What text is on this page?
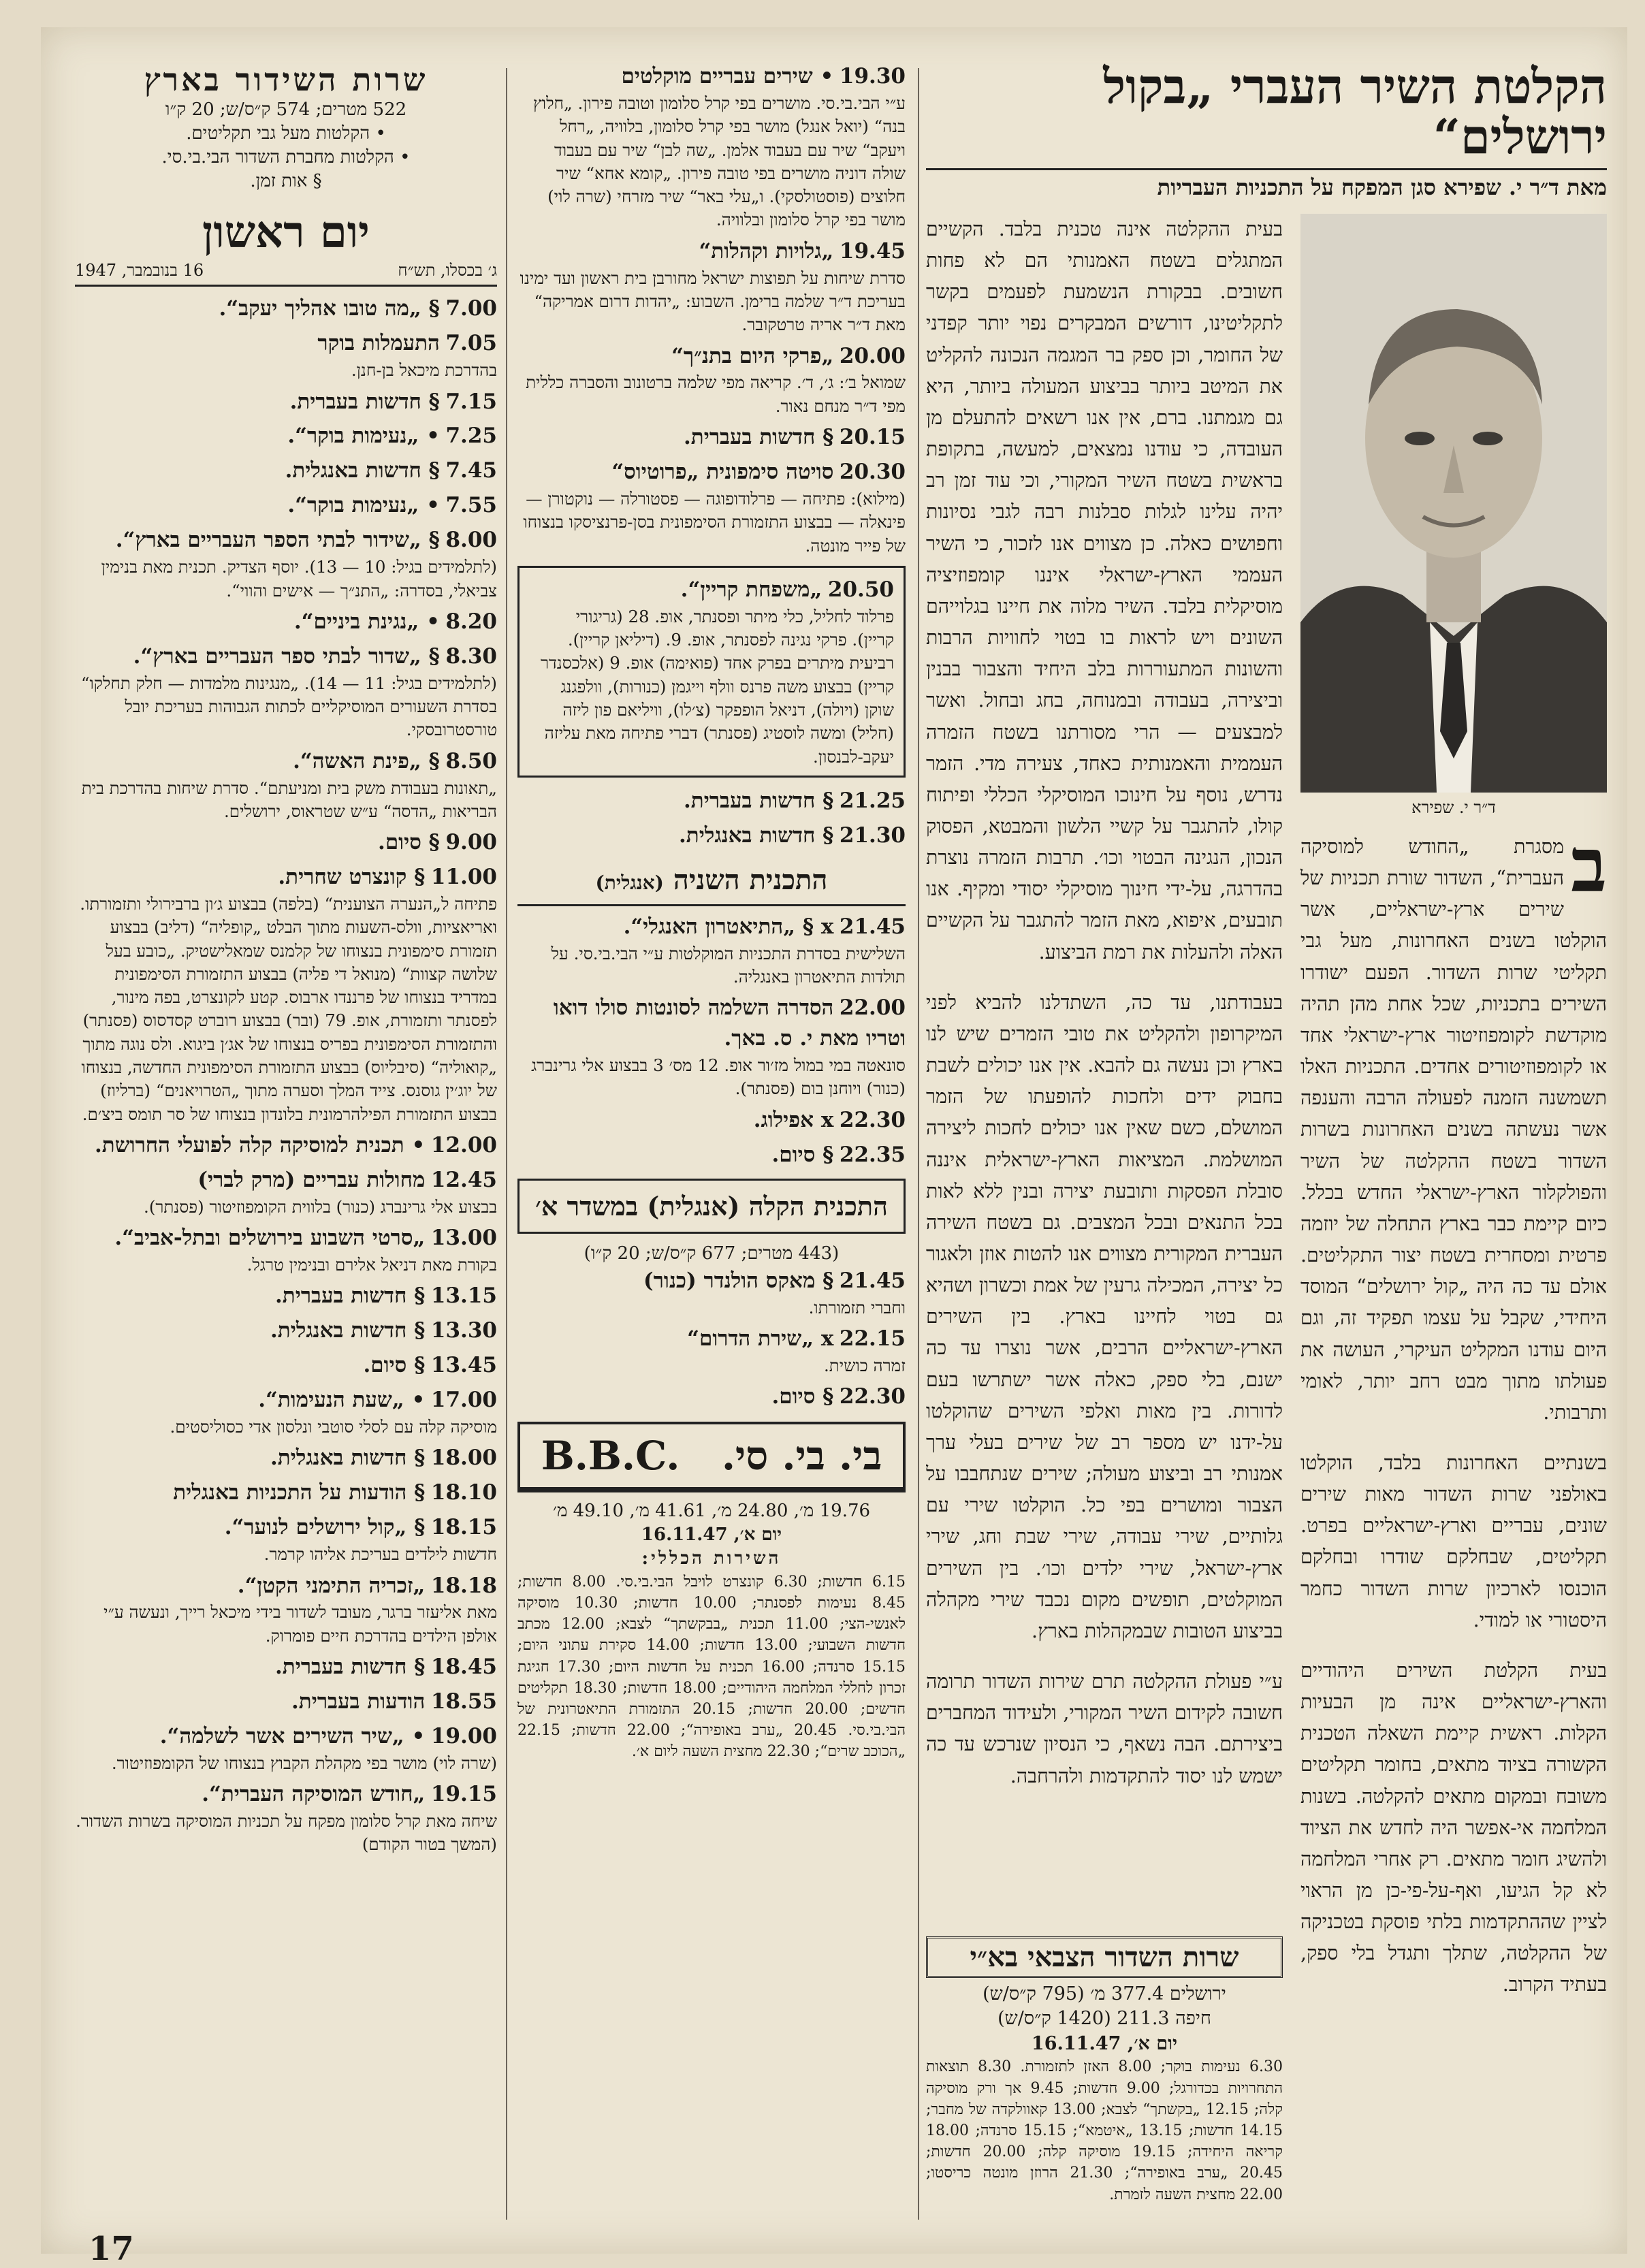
הקלטת השיר העברי „בקול ירושלים“
מאת ד״ר י. שפירא סגן המפקח על התכניות העבריות
ד״ר י. שפירא

ב
מסגרת „החודש למוסיקה העברית“, השדור שורת תכניות של שירים ארץ-ישראליים, אשר הוקלטו בשנים האחרונות, מעל גבי תקליטי שרות השדור. הפעם ישודרו השירים בתכניות, שכל אחת מהן תהיה מוקדשת לקומפוזיטור ארץ-ישראלי אחד או לקומפוזיטורים אחדים. התכניות האלו תשמשנה הזמנה לפעולה הרבה והענפה אשר נעשתה בשנים האחרונות בשרות השדור בשטח ההקלטה של השיר והפולקלור הארץ-ישראלי החדש בכלל. כיום קיימת כבר בארץ התחלה של יוזמה פרטית ומסחרית בשטח יצור התקליטים. אולם עד כה היה „קול ירושלים“ המוסד היחידי, שקבל על עצמו תפקיד זה, וגם היום עודנו המקליט העיקרי, העושה את פעולתו מתוך מבט רחב יותר, לאומי ותרבותי.

בשנתיים האחרונות בלבד, הוקלטו באולפני שרות השדור מאות שירים שונים, עבריים וארץ-ישראליים בפרט. תקליטים, שבחלקם שודרו ובחלקם הוכנסו לארכיון שרות השדור כחמר היסטורי או למודי.

בעית הקלטת השירים היהודיים והארץ-ישראליים אינה מן הבעיות הקלות. ראשית קיימת השאלה הטכנית הקשורה בציוד מתאים, בחומר תקליטים משובח ובמקום מתאים להקלטה. בשנות המלחמה אי-אפשר היה לחדש את הציוד ולהשיג חומר מתאים. רק אחרי המלחמה לא קל הגיעו, ואף-על-פי-כן מן הראוי לציין שההתקדמות בלתי פוסקת בטכניקה של ההקלטה, שתלך ותגדל בלי ספק, בעתיד הקרוב.

בעית ההקלטה אינה טכנית בלבד. הקשיים המתגלים בשטח האמנותי הם לא פחות חשובים. בבקורת הנשמעת לפעמים בקשר לתקליטינו, דורשים המבקרים נפוי יותר קפדני של החומר, וכן ספק בר המגמה הנכונה להקליט את המיטב ביותר בביצוע המעולה ביותר, היא גם מגמתנו. ברם, אין אנו רשאים להתעלם מן העובדה, כי עודנו נמצאים, למעשה, בתקופת בראשית בשטח השיר המקורי, וכי עוד זמן רב יהיה עלינו לגלות סבלנות רבה לגבי נסיונות וחפושים כאלה. כן מצווים אנו לזכור, כי השיר העממי הארץ-ישראלי איננו קומפוזיציה מוסיקלית בלבד. השיר מלוה את חיינו בגלוייהם השונים ויש לראות בו בטוי לחוויות הרבות והשונות המתעוררות בלב היחיד והצבור בבנין וביצירה, בעבודה ובמנוחה, בחג ובחול. ואשר למבצעים — הרי מסורתנו בשטח הזמרה העממית והאמנותית כאחד, צעירה מדי. הזמר נדרש, נוסף על חינוכו המוסיקלי הכללי ופיתוח קולו, להתגבר על קשיי הלשון והמבטא, הפסוק הנכון, הנגינה הבטוי וכו׳. תרבות הזמרה נוצרת בהדרגה, על-ידי חינוך מוסיקלי יסודי ומקיף. אנו תובעים, איפוא, מאת הזמר להתגבר על הקשיים האלה ולהעלות את רמת הביצוע.

בעבודתנו, עד כה, השתדלנו להביא לפני המיקרופון ולהקליט את טובי הזמרים שיש לנו בארץ וכן נעשה גם להבא. אין אנו יכולים לשבת בחבוק ידים ולחכות להופעתו של הזמר המושלם, כשם שאין אנו יכולים לחכות ליצירה המושלמת. המציאות הארץ-ישראלית איננה סובלת הפסקות ותובעת יצירה ובנין ללא לאות בכל התנאים ובכל המצבים. גם בשטח השירה העברית המקורית מצווים אנו להטות אוזן ולאגור כל יצירה, המכילה גרעין של אמת וכשרון ושהיא גם בטוי לחיינו בארץ. בין השירים הארץ-ישראליים הרבים, אשר נוצרו עד כה ישנם, בלי ספק, כאלה אשר ישתרשו בעם לדורות. בין מאות ואלפי השירים שהוקלטו על-ידנו יש מספר רב של שירים בעלי ערך אמנותי רב וביצוע מעולה; שירים שנתחבבו על הצבור ומושרים בפי כל. הוקלטו שירי עם גלותיים, שירי עבודה, שירי שבת וחג, שירי ארץ-ישראל, שירי ילדים וכו׳. בין השירים המוקלטים, תופשים מקום נכבד שירי מקהלה בביצוע הטובות שבמקהלות בארץ.

ע״י פעולת ההקלטה תרם שירות השדור תרומה חשובה לקידום השיר המקורי, ולעידוד המחברים ביצירתם. הבה נשאף, כי הנסיון שנרכש עד כה ישמש לנו יסוד להתקדמות ולהרחבה.

שרות השדור הצבאי בא״י
ירושלים 377.4 מ׳ (795 ק״ס/ש)
חיפה 211.3 (1420 ק״ס/ש)
יום א׳, 16.11.47
6.30 נעימות בוקר; 8.00 האזן לתזמורת. 8.30 תוצאות התחרויות בכדורגל; 9.00 חדשות; 9.45 אך ורק מוסיקה קלה; 12.15 „בקשתך“ לצבא; 13.00 קאוולקדה של מחבר; 14.15 חדשות; 13.15 „איטמא“; 15.15 סרנדה; 18.00 קריאה היחידה; 19.15 מוסיקה קלה; 20.00 חדשות; 20.45 „ערב באופירה“; 21.30 הרוזן מונטה כריסטו; 22.00 מחצית השעה לזמרת.
19.30 • שירים עבריים מוקלטים
ע״י הבי.בי.סי. מושרים בפי קרל סלומון וטובה פירון. „חלוץ בנה“ (יואל אנגל) מושר בפי קרל סלומון, בלוויה, „רחל ויעקב“ שיר עם בעבוד אלמן. „שה לבן“ שיר עם בעבוד שולה דוניה מושרים בפי טובה פירון. „קומא אחא“ שיר חלוצים (פוסטולסקי). ו„עלי באר“ שיר מזרחי (שרה לוי) מושר בפי קרל סלומון ובלוויה.
19.45 „גלויות וקהלות“
סדרת שיחות על תפוצות ישראל מחורבן בית ראשון ועד ימינו בעריכת ד״ר שלמה ברימן. השבוע: „יהדות דרום אמריקה“ מאת ד״ר אריה טרטקובר.
20.00 „פרקי היום בתנ״ך“
שמואל ב׳: ג׳, ד׳. קריאה מפי שלמה ברטונוב והסברה כללית מפי ד״ר מנחם נאור.
20.15 § חדשות בעברית.
20.30 סויטה סימפונית „פרוטיוס“
(מילוא): פתיחה — פרלודופוגה — פסטורלה — נוקטורן — פינאלה — בבצוע התזמורת הסימפונית בסן-פרנציסקו בנצוחו של פייר מונטה.
20.50 „משפחת קריין“.
פרלוד לחליל, כלי מיתר ופסנתר, אופ. 28 (גריגורי קריין). פרקי נגינה לפסנתר, אופ. 9. (דיליאן קריין). רביעית מיתרים בפרק אחד (פואימה) אופ. 9 (אלכסנדר קריין) בבצוע משה פרנס וולף וייגמן (כנורות), וולפגנג שוקן (ויולה), דניאל הופפקר (צ׳לו), וויליאם פון ליזה (חליל) ומשה לוסטיג (פסנתר) דברי פתיחה מאת עליזה יעקב-לבנסון.
21.25 § חדשות בעברית.
21.30 § חדשות באנגלית.
התכנית השניה (אנגלית)
21.45 x § „התיאטרון האנגלי“.
השלישית בסדרת התכניות המוקלטות ע״י הבי.בי.סי. על תולדות התיאטרון באנגליה.
22.00 הסדרה השלמה לסונטות סולו דואו וטריו מאת י. ס. באך.
סונאטה במי במול מז׳ור אופ. 12 מס׳ 3 בבצוע אלי גרינברג (כנור) ויוחנן בום (פסנתר).
22.30 x אפילוג.
22.35 § סיום.
התכנית הקלה (אנגלית) במשדר א׳
(443 מטרים; 677 ק״ס/ש; 20 ק״ו)
21.45 § מאקס הולנדר (כנור)
וחברי תזמורתו.
22.15 x „שירת הדרום“
זמרה כושית.
22.30 § סיום.
בי. בי. סי.
B.B.C.
19.76 מ׳, 24.80 מ׳, 41.61 מ׳, 49.10 מ׳
יום א׳, 16.11.47
השירות הכללי:
6.15 חדשות; 6.30 קונצרט לויבל הבי.בי.סי. 8.00 חדשות; 8.45 נעימות לפסנתר; 10.00 חדשות; 10.30 מוסיקה לאנשי-הצי; 11.00 תכנית „בבקשתך“ לצבא; 12.00 מכתב חדשות השבועי; 13.00 חדשות; 14.00 סקירת עתוני היום; 15.15 סרנדה; 16.00 תכנית על חדשות היום; 17.30 חגיגת זכרון לחללי המלחמה היהודיים; 18.00 חדשות; 18.30 תקליטים חדשים; 20.00 חדשות; 20.15 התזמורת התיאטרונית של הבי.בי.סי. 20.45 „ערב באופירה“; 22.00 חדשות; 22.15 „הכוכב שרים“; 22.30 מחצית השעה ליום א׳.
שרות השידור בארץ
522 מטרים; 574 ק״ס/ש; 20 ק״ו
• הקלטות מעל גבי תקליטים.
• הקלטות מחברת השדור הבי.בי.סי.
§ אות זמן.
יום ראשון
ג׳ בכסלו, תש״ח
16 בנובמבר, 1947
7.00 § „מה טובו אהליך יעקב“.
7.05 התעמלות בוקר
בהדרכת מיכאל בן-חנן.
7.15 § חדשות בעברית.
7.25 • „נעימות בוקר“.
7.45 § חדשות באנגלית.
7.55 • „נעימות בוקר“.
8.00 § „שידור לבתי הספר העבריים בארץ“.
(לתלמידים בגיל: 10 — 13). יוסף הצדיק. תכנית מאת בנימין צביאלי, בסדרה: „התנ״ך — אישים והווי“.
8.20 • „נגינת ביניים“.
8.30 § „שדור לבתי ספר העבריים בארץ“.
(לתלמידים בגיל: 11 — 14). „מנגינות מלמדות — חלק תחלקו“ בסדרת השעורים המוסיקליים לכתות הגבוהות בעריכת יובל טורסטרובסקי.
8.50 § „פינת האשה“.
„תאונות בעבודת משק בית ומניעתם“. סדרת שיחות בהדרכת בית הבריאות „הדסה“ ע״ש שטראוס, ירושלים.
9.00 § סיום.
11.00 § קונצרט שחרית.
פתיחה ל„הנערה הצוענית“ (בלפה) בבצוע ג׳ון ברבירולי ותזמורתו. ואריאציות, וולס-השעות מתוך הבלט „קופליה“ (דליב) בבצוע תזמורת סימפונית בנצוחו של קלמנס שמאלישטיק. „כובע בעל שלושה קצוות“ (מנואל די פליה) בבצוע התזמורת הסימפונית במדריד בנצוחו של פרננדו ארבוס. קטע לקונצרט, בפה מינור, לפסנתר ותזמורת, אופ. 79 (ובר) בבצוע רוברט קסדסוס (פסנתר) והתזמורת הסימפונית בפריס בנצוחו של אג׳ן ביגוא. ולס נוגה מתוך „קואוליה“ (סיבליוס) בבצוע התזמורת הסימפונית החדשה, בנצוחו של יוג׳ין גוסנס. צייד המלך וסערה מתוך „הטרויאנים“ (ברליוז) בבצוע התזמורת הפילהרמונית בלונדון בנצוחו של סר תומס ביצ׳ם.
12.00 • תכנית למוסיקה קלה לפועלי החרושת.
12.45 מחולות עבריים (מרק לברי)
בבצוע אלי גרינברג (כנור) בלווית הקומפוזיטור (פסנתר).
13.00 „סרטי השבוע בירושלים ובתל-אביב“.
בקורת מאת דניאל אלירם ובנימין טרגל.
13.15 § חדשות בעברית.
13.30 § חדשות באנגלית.
13.45 § סיום.
17.00 • „שעת הנעימות“.
מוסיקה קלה עם לסלי סוטבי ונלסון אדי כסוליסטים.
18.00 § חדשות באנגלית.
18.10 § הודעות על התכניות באנגלית
18.15 § „קול ירושלים לנוער“.
חדשות לילדים בעריכת אליהו קרמר.
18.18 „זכריה התימני הקטן“.
מאת אליעזר ברגר, מעובד לשדור בידי מיכאל רייך, ונעשה ע״י אולפן הילדים בהדרכת חיים פומרוק.
18.45 § חדשות בעברית.
18.55 הודעות בעברית.
19.00 • „שיר השירים אשר לשלמה“.
(שרה לוי) מושר בפי מקהלת הקבוץ בנצוחו של הקומפוזיטור.
19.15 „חודש המוסיקה העברית“.
שיחה מאת קרל סלומון מפקח על תכניות המוסיקה בשרות השדור. (המשך בטור הקודם)
17
